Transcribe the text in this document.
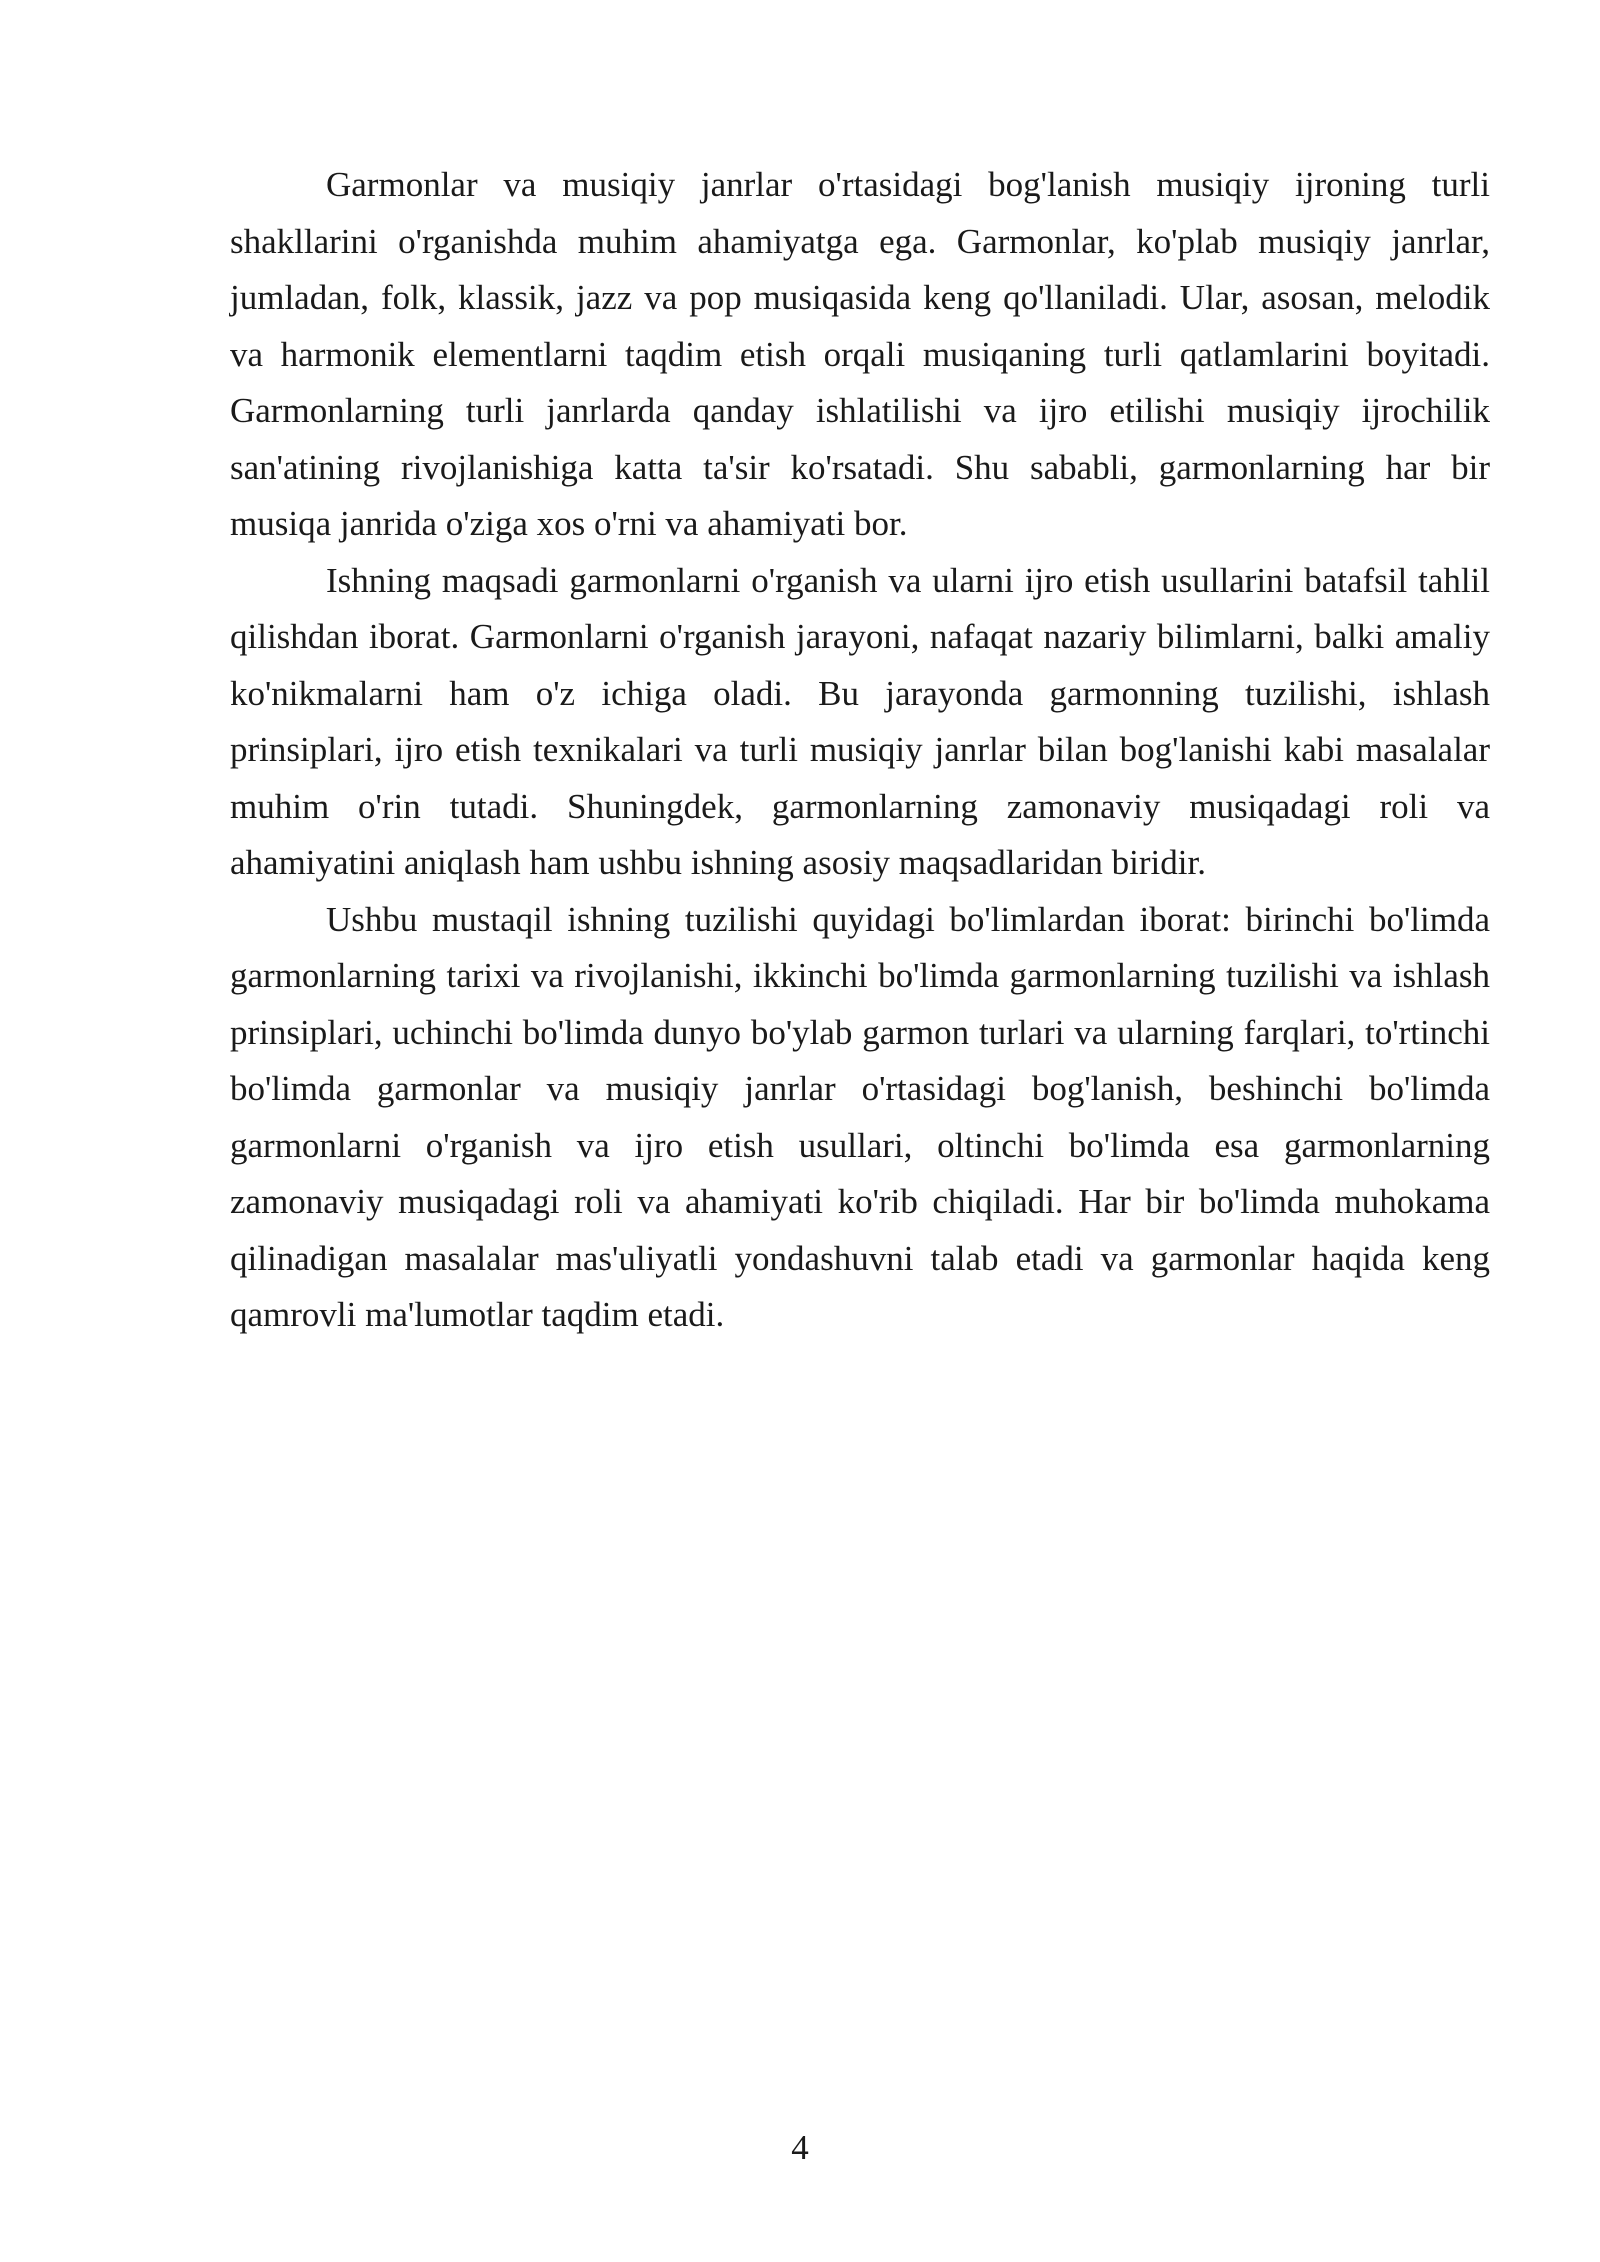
Garmonlar va musiqiy janrlar o'rtasidagi bog'lanish musiqiy ijroning turli shakllarini o'rganishda muhim ahamiyatga ega. Garmonlar, ko'plab musiqiy janrlar, jumladan, folk, klassik, jazz va pop musiqasida keng qo'llaniladi. Ular, asosan, melodik va harmonik elementlarni taqdim etish orqali musiqaning turli qatlamlarini boyitadi. Garmonlarning turli janrlarda qanday ishlatilishi va ijro etilishi musiqiy ijrochilik san'atining rivojlanishiga katta ta'sir ko'rsatadi. Shu sababli, garmonlarning har bir musiqa janrida o'ziga xos o'rni va ahamiyati bor.

Ishning maqsadi garmonlarni o'rganish va ularni ijro etish usullarini batafsil tahlil qilishdan iborat. Garmonlarni o'rganish jarayoni, nafaqat nazariy bilimlarni, balki amaliy ko'nikmalarni ham o'z ichiga oladi. Bu jarayonda garmonning tuzilishi, ishlash prinsiplari, ijro etish texnikalari va turli musiqiy janrlar bilan bog'lanishi kabi masalalar muhim o'rin tutadi. Shuningdek, garmonlarning zamonaviy musiqadagi roli va ahamiyatini aniqlash ham ushbu ishning asosiy maqsadlaridan biridir.

Ushbu mustaqil ishning tuzilishi quyidagi bo'limlardan iborat: birinchi bo'limda garmonlarning tarixi va rivojlanishi, ikkinchi bo'limda garmonlarning tuzilishi va ishlash prinsiplari, uchinchi bo'limda dunyo bo'ylab garmon turlari va ularning farqlari, to'rtinchi bo'limda garmonlar va musiqiy janrlar o'rtasidagi bog'lanish, beshinchi bo'limda garmonlarni o'rganish va ijro etish usullari, oltinchi bo'limda esa garmonlarning zamonaviy musiqadagi roli va ahamiyati ko'rib chiqiladi. Har bir bo'limda muhokama qilinadigan masalalar mas'uliyatli yondashuvni talab etadi va garmonlar haqida keng qamrovli ma'lumotlar taqdim etadi.

4
